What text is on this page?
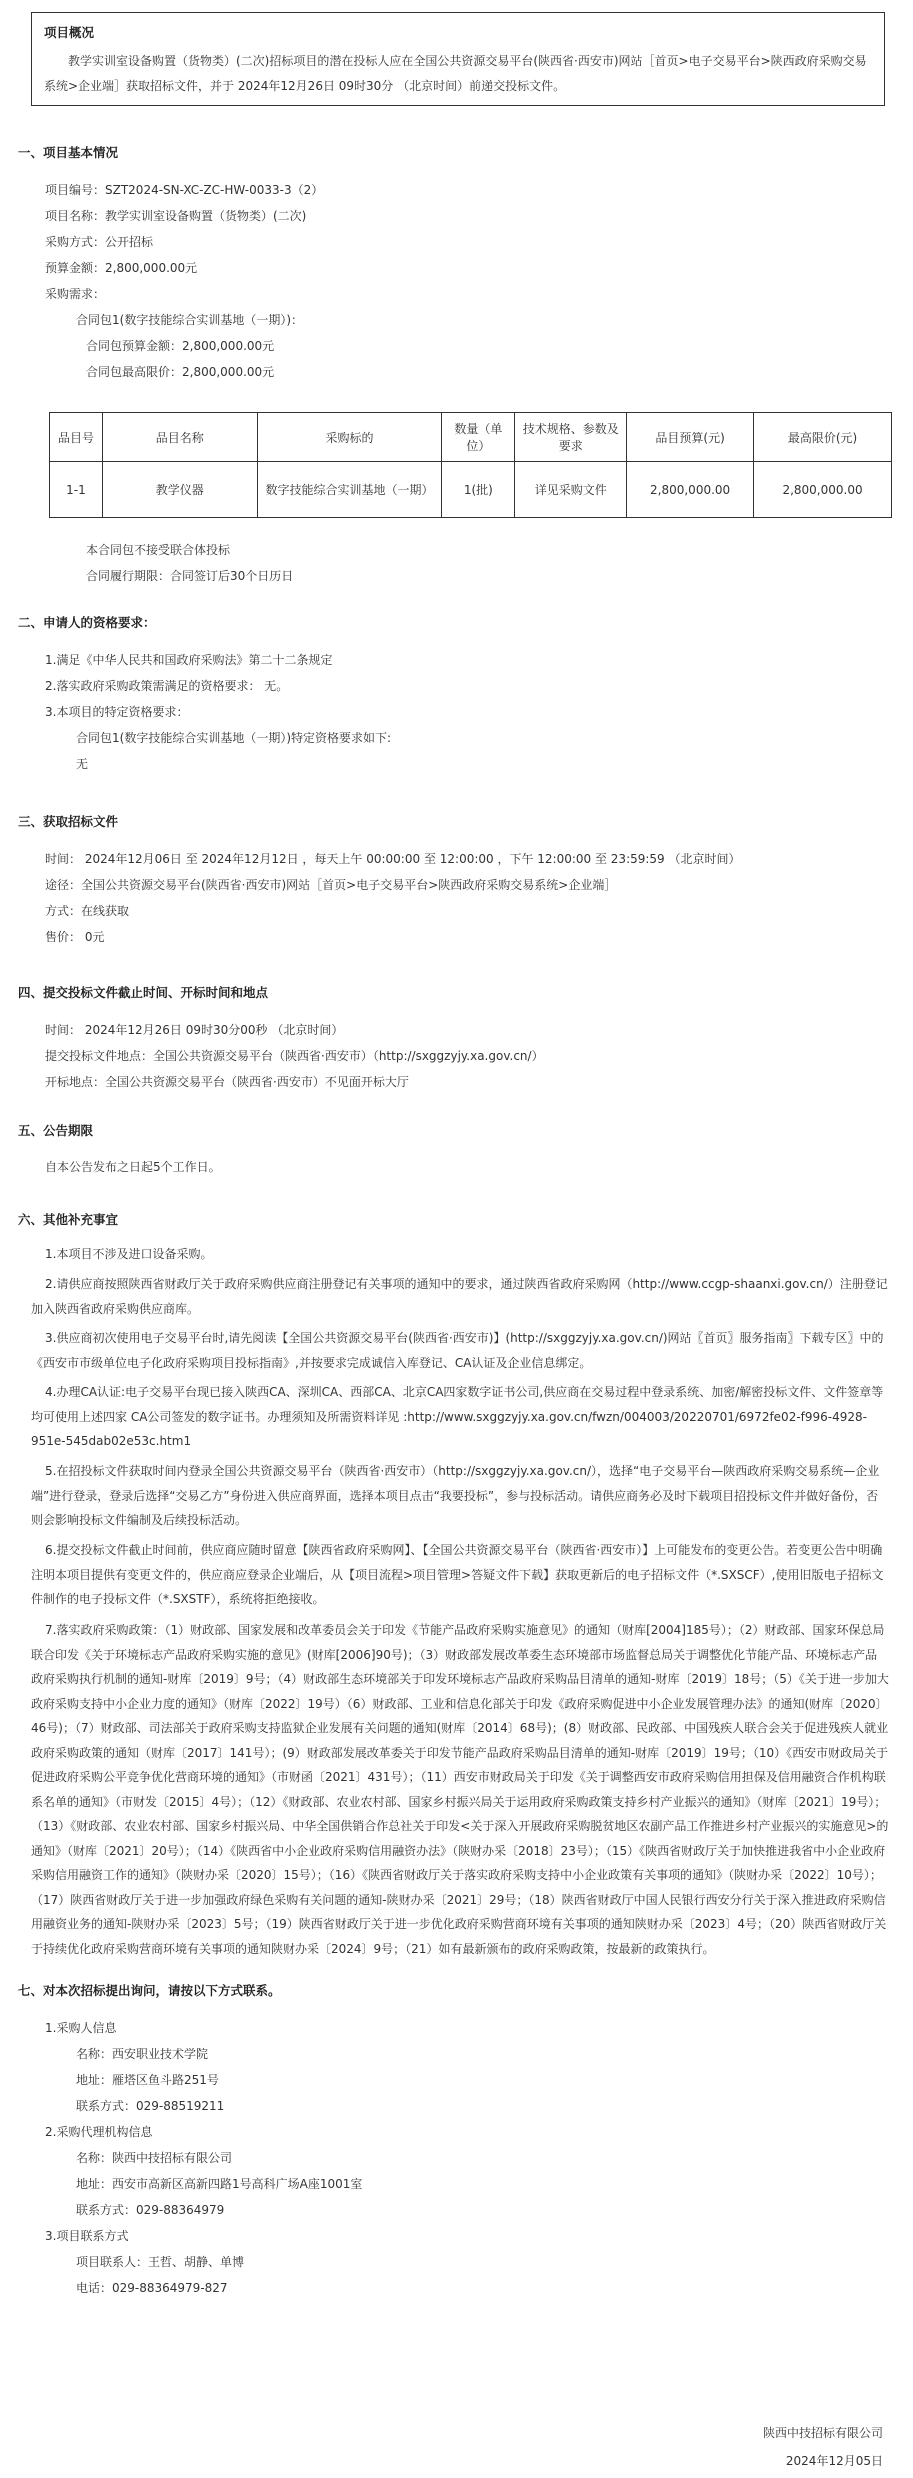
项目概况
教学实训室设备购置（货物类）(二次)招标项目的潜在投标人应在全国公共资源交易平台(陕西省·西安市)网站［首页>电子交易平台>陕西政府采购交易系统>企业端］获取招标文件，并于 2024年12月26日 09时30分 （北京时间）前递交投标文件。
一、项目基本情况
项目编号：SZT2024-SN-XC-ZC-HW-0033-3（2）
项目名称：教学实训室设备购置（货物类）(二次)
采购方式：公开招标
预算金额：2,800,000.00元
采购需求：
合同包1(数字技能综合实训基地（一期）)：
合同包预算金额：2,800,000.00元
合同包最高限价：2,800,000.00元
品目号	品目名称	采购标的	数量（单位）	技术规格、参数及要求	品目预算(元)	最高限价(元)
1-1	教学仪器	数字技能综合实训基地（一期）	1(批)	详见采购文件	2,800,000.00	2,800,000.00
本合同包不接受联合体投标
合同履行期限：合同签订后30个日历日
二、申请人的资格要求：
1.满足《中华人民共和国政府采购法》第二十二条规定
2.落实政府采购政策需满足的资格要求： 无。
3.本项目的特定资格要求：
合同包1(数字技能综合实训基地（一期）)特定资格要求如下:
无
三、获取招标文件
时间： 2024年12月06日 至 2024年12月12日 ，每天上午 00:00:00 至 12:00:00 ，下午 12:00:00 至 23:59:59 （北京时间）
途径：全国公共资源交易平台(陕西省·西安市)网站［首页>电子交易平台>陕西政府采购交易系统>企业端］
方式：在线获取
售价： 0元
四、提交投标文件截止时间、开标时间和地点
时间： 2024年12月26日 09时30分00秒 （北京时间）
提交投标文件地点：全国公共资源交易平台（陕西省·西安市）（http://sxggzyjy.xa.gov.cn/）
开标地点：全国公共资源交易平台（陕西省·西安市）不见面开标大厅
五、公告期限
自本公告发布之日起5个工作日。
六、其他补充事宜
1.本项目不涉及进口设备采购。
2.请供应商按照陕西省财政厅关于政府采购供应商注册登记有关事项的通知中的要求，通过陕西省政府采购网（http://www.ccgp-shaanxi.gov.cn/）注册登记加入陕西省政府采购供应商库。
3.供应商初次使用电子交易平台时,请先阅读【全国公共资源交易平台(陕西省·西安市)】(http://sxggzyjy.xa.gov.cn/)网站〖首页〗服务指南〗下载专区〗中的《西安市市级单位电子化政府采购项目投标指南》,并按要求完成诚信入库登记、CA认证及企业信息绑定。
4.办理CA认证:电子交易平台现已接入陕西CA、深圳CA、西部CA、北京CA四家数字证书公司,供应商在交易过程中登录系统、加密/解密投标文件、文件签章等均可使用上述四家 CA公司签发的数字证书。办理须知及所需资料详见 :http://www.sxggzyjy.xa.gov.cn/fwzn/004003/20220701/6972fe02-f996-4928-951e-545dab02e53c.htm1
5.在招投标文件获取时间内登录全国公共资源交易平台（陕西省·西安市）（http://sxggzyjy.xa.gov.cn/），选择“电子交易平台—陕西政府采购交易系统—企业端”进行登录，登录后选择“交易乙方”身份进入供应商界面，选择本项目点击“我要投标”，参与投标活动。请供应商务必及时下载项目招投标文件并做好备份，否则会影响投标文件编制及后续投标活动。
6.提交投标文件截止时间前，供应商应随时留意【陕西省政府采购网】、【全国公共资源交易平台（陕西省·西安市）】上可能发布的变更公告。若变更公告中明确注明本项目提供有变更文件的，供应商应登录企业端后，从【项目流程>项目管理>答疑文件下载】获取更新后的电子招标文件（*.SXSCF）,使用旧版电子招标文件制作的电子投标文件（*.SXSTF），系统将拒绝接收。
7.落实政府采购政策：（1）财政部、国家发展和改革委员会关于印发《节能产品政府采购实施意见》的通知（财库[2004]185号）；（2）财政部、国家环保总局联合印发《关于环境标志产品政府采购实施的意见》(财库[2006]90号)；（3）财政部发展改革委生态环境部市场监督总局关于调整优化节能产品、环境标志产品政府采购执行机制的通知-财库〔2019〕9号；（4）财政部生态环境部关于印发环境标志产品政府采购品目清单的通知-财库〔2019〕18号；（5）《关于进一步加大政府采购支持中小企业力度的通知》（财库〔2022〕19号）（6）财政部、工业和信息化部关于印发《政府采购促进中小企业发展管理办法》的通知(财库〔2020〕46号)；（7）财政部、司法部关于政府采购支持监狱企业发展有关问题的通知(财库〔2014〕68号)；(8）财政部、民政部、中国残疾人联合会关于促进残疾人就业政府采购政策的通知（财库〔2017〕141号）；(9）财政部发展改革委关于印发节能产品政府采购品目清单的通知-财库〔2019〕19号；（10）《西安市财政局关于促进政府采购公平竞争优化营商环境的通知》（市财函〔2021〕431号）；（11）西安市财政局关于印发《关于调整西安市政府采购信用担保及信用融资合作机构联系名单的通知》（市财发〔2015〕4号）；（12）《财政部、农业农村部、国家乡村振兴局关于运用政府采购政策支持乡村产业振兴的通知》（财库〔2021〕19号）；（13）《财政部、农业农村部、国家乡村振兴局、中华全国供销合作总社关于印发<关于深入开展政府采购脱贫地区农副产品工作推进乡村产业振兴的实施意见>的通知》（财库〔2021〕20号）；（14）《陕西省中小企业政府采购信用融资办法》（陕财办采〔2018〕23号）；（15）《陕西省财政厅关于加快推进我省中小企业政府采购信用融资工作的通知》（陕财办采〔2020〕15号）；（16）《陕西省财政厅关于落实政府采购支持中小企业政策有关事项的通知》（陕财办采〔2022〕10号）；（17）陕西省财政厅关于进一步加强政府绿色采购有关问题的通知-陕财办采〔2021〕29号；（18）陕西省财政厅中国人民银行西安分行关于深入推进政府采购信用融资业务的通知-陕财办采〔2023〕5号；（19）陕西省财政厅关于进一步优化政府采购营商环境有关事项的通知陕财办采〔2023〕4号；（20）陕西省财政厅关于持续优化政府采购营商环境有关事项的通知陕财办采〔2024〕9号；（21）如有最新颁布的政府采购政策，按最新的政策执行。
七、对本次招标提出询问，请按以下方式联系。
1.采购人信息
名称：西安职业技术学院
地址：雁塔区鱼斗路251号
联系方式：029-88519211
2.采购代理机构信息
名称：陕西中技招标有限公司
地址：西安市高新区高新四路1号高科广场A座1001室
联系方式：029-88364979
3.项目联系方式
项目联系人：王哲、胡静、单博
电话：029-88364979-827
陕西中技招标有限公司
2024年12月05日
